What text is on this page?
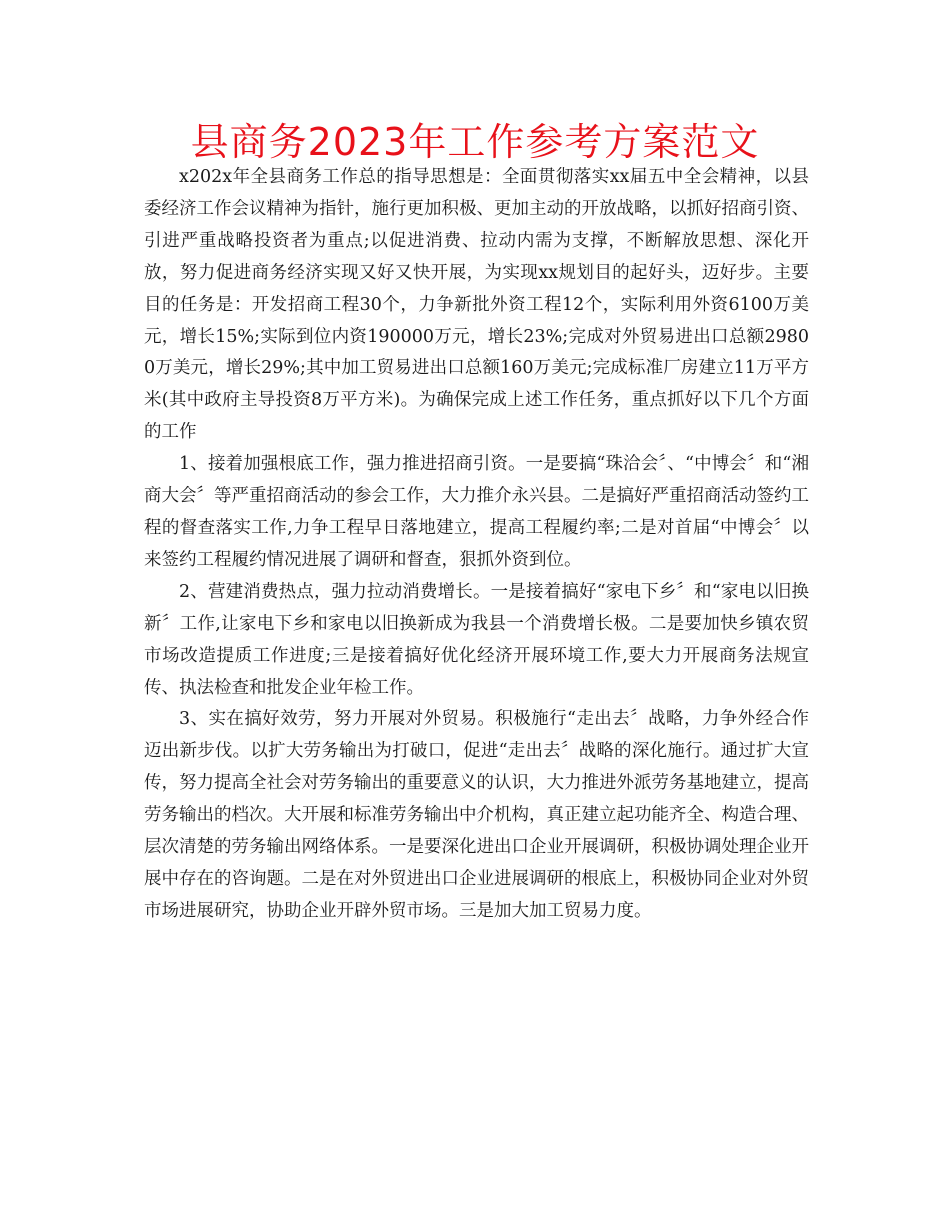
县商务2023年工作参考方案范文

x202x年全县商务工作总的指导思想是：全面贯彻落实xx届五中全会精神，以县委经济工作会议精神为指针，施行更加积极、更加主动的开放战略，以抓好招商引资、引进严重战略投资者为重点;以促进消费、拉动内需为支撑，不断解放思想、深化开放，努力促进商务经济实现又好又快开展，为实现xx规划目的起好头，迈好步。主要目的任务是：开发招商工程30个，力争新批外资工程12个，实际利用外资6100万美元，增长15%;实际到位内资190000万元，增长23%;完成对外贸易进出口总额29800万美元，增长29%;其中加工贸易进出口总额160万美元;完成标准厂房建立11万平方米(其中政府主导投资8万平方米)。为确保完成上述工作任务，重点抓好以下几个方面的工作

1、接着加强根底工作，强力推进招商引资。一是要搞“珠洽会〞、“中博会〞和“湘商大会〞等严重招商活动的参会工作，大力推介永兴县。二是搞好严重招商活动签约工程的督查落实工作,力争工程早日落地建立，提高工程履约率;二是对首届“中博会〞以来签约工程履约情况进展了调研和督查，狠抓外资到位。

2、营建消费热点，强力拉动消费增长。一是接着搞好“家电下乡〞和“家电以旧换新〞工作,让家电下乡和家电以旧换新成为我县一个消费增长极。二是要加快乡镇农贸市场改造提质工作进度;三是接着搞好优化经济开展环境工作,要大力开展商务法规宣传、执法检查和批发企业年检工作。

3、实在搞好效劳，努力开展对外贸易。积极施行“走出去〞战略，力争外经合作迈出新步伐。以扩大劳务输出为打破口，促进“走出去〞战略的深化施行。通过扩大宣传，努力提高全社会对劳务输出的重要意义的认识，大力推进外派劳务基地建立，提高劳务输出的档次。大开展和标准劳务输出中介机构，真正建立起功能齐全、构造合理、层次清楚的劳务输出网络体系。一是要深化进出口企业开展调研，积极协调处理企业开展中存在的咨询题。二是在对外贸进出口企业进展调研的根底上，积极协同企业对外贸市场进展研究，协助企业开辟外贸市场。三是加大加工贸易力度。
